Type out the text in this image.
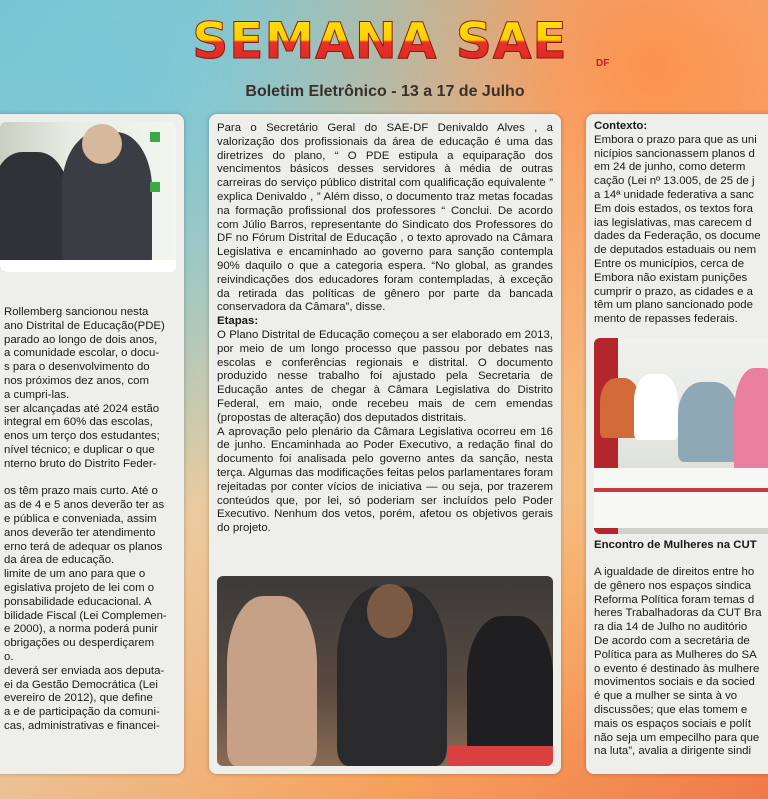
SEMANA SAE	DF
Boletim Eletrônico - 13 a 17 de Julho
Rollemberg sancionou nesta
ano Distrital de Educação(PDE)
parado ao longo de dois anos,
a comunidade escolar, o docu-
s para o desenvolvimento do
nos próximos dez anos, com
a cumpri-las.
ser alcançadas até 2024 estão
integral em 60% das escolas,
enos um terço dos estudantes;
nível técnico; e duplicar o que
nterno bruto do Distrito Feder-

os têm prazo mais curto. Até o
as de 4 e 5 anos deverão ter as
e pública e conveniada, assim
anos deverão ter atendimento
erno terá de adequar os planos
da área de educação.
limite de um ano para que o
egislativa projeto de lei com o
ponsabilidade educacional. A
bilidade Fiscal (Lei Complemen-
e 2000), a norma poderá punir
obrigações ou desperdiçarem
o.
deverá ser enviada aos deputa-
ei da Gestão Democrática (Lei
evereiro de 2012), que define
a e de participação da comuni-
cas, administrativas e financei-

Para o Secretário Geral do SAE-DF Denivaldo Alves , a valorização dos profissionais da área de educação é uma das diretrizes do plano, “ O PDE estipula a equiparação dos vencimentos básicos desses servidores à média de outras carreiras do serviço público distrital com qualificação equivalente ” explica Denivaldo , ” Além disso, o documento traz metas focadas na formação profissional dos professores “ Conclui. De acordo com Júlio Barros, representante do Sindicato dos Professores do DF no Fórum Distrital de Educação , o texto aprovado na Câmara Legislativa e encaminhado ao governo para sanção contempla 90% daquilo o que a categoria espera. “No global, as grandes reivindicações dos educadores foram contempladas, à exceção da retirada das políticas de gênero por parte da bancada conservadora da Câmara”, disse.

Etapas:

O Plano Distrital de Educação começou a ser elaborado em 2013, por meio de um longo processo que passou por debates nas escolas e conferências regionais e distrital. O documento produzido nesse trabalho foi ajustado pela Secretaria de Educação antes de chegar à Câmara Legislativa do Distrito Federal, em maio, onde recebeu mais de cem emendas (propostas de alteração) dos deputados distritais.

A aprovação pelo plenário da Câmara Legislativa ocorreu em 16 de junho. Encaminhada ao Poder Executivo, a redação final do documento foi analisada pelo governo antes da sanção, nesta terça. Algumas das modificações feitas pelos parlamentares foram rejeitadas por conter vícios de iniciativa — ou seja, por trazerem conteúdos que, por lei, só poderiam ser incluídos pelo Poder Executivo. Nenhum dos vetos, porém, afetou os objetivos gerais do projeto.

Contexto:

Embora o prazo para que as uni
nicípios sancionassem planos d
em 24 de junho, como determ
cação (Lei nº 13.005, de 25 de j
a 14ª unidade federativa a sanc
Em dois estados, os textos fora
ias legislativas, mas carecem d
dades da Federação, os docume
de deputados estaduais ou nem
Entre os municípios, cerca de
Embora não existam punições
cumprir o prazo, as cidades e a
têm um plano sancionado pode
mento de repasses federais.
Encontro de Mulheres na CUT
A igualdade de direitos entre ho
de gênero nos espaços sindica
Reforma Política foram temas d
heres Trabalhadoras da CUT Bra
ra dia 14 de Julho no auditório
De acordo com a secretária de
Política para as Mulheres do SA
o evento é destinado às mulhere
movimentos sociais e da socied
é que a mulher se sinta à vo
discussões; que elas tomem e
mais os espaços sociais e polít
não seja um empecilho para que
na luta”, avalia a dirigente sindi
